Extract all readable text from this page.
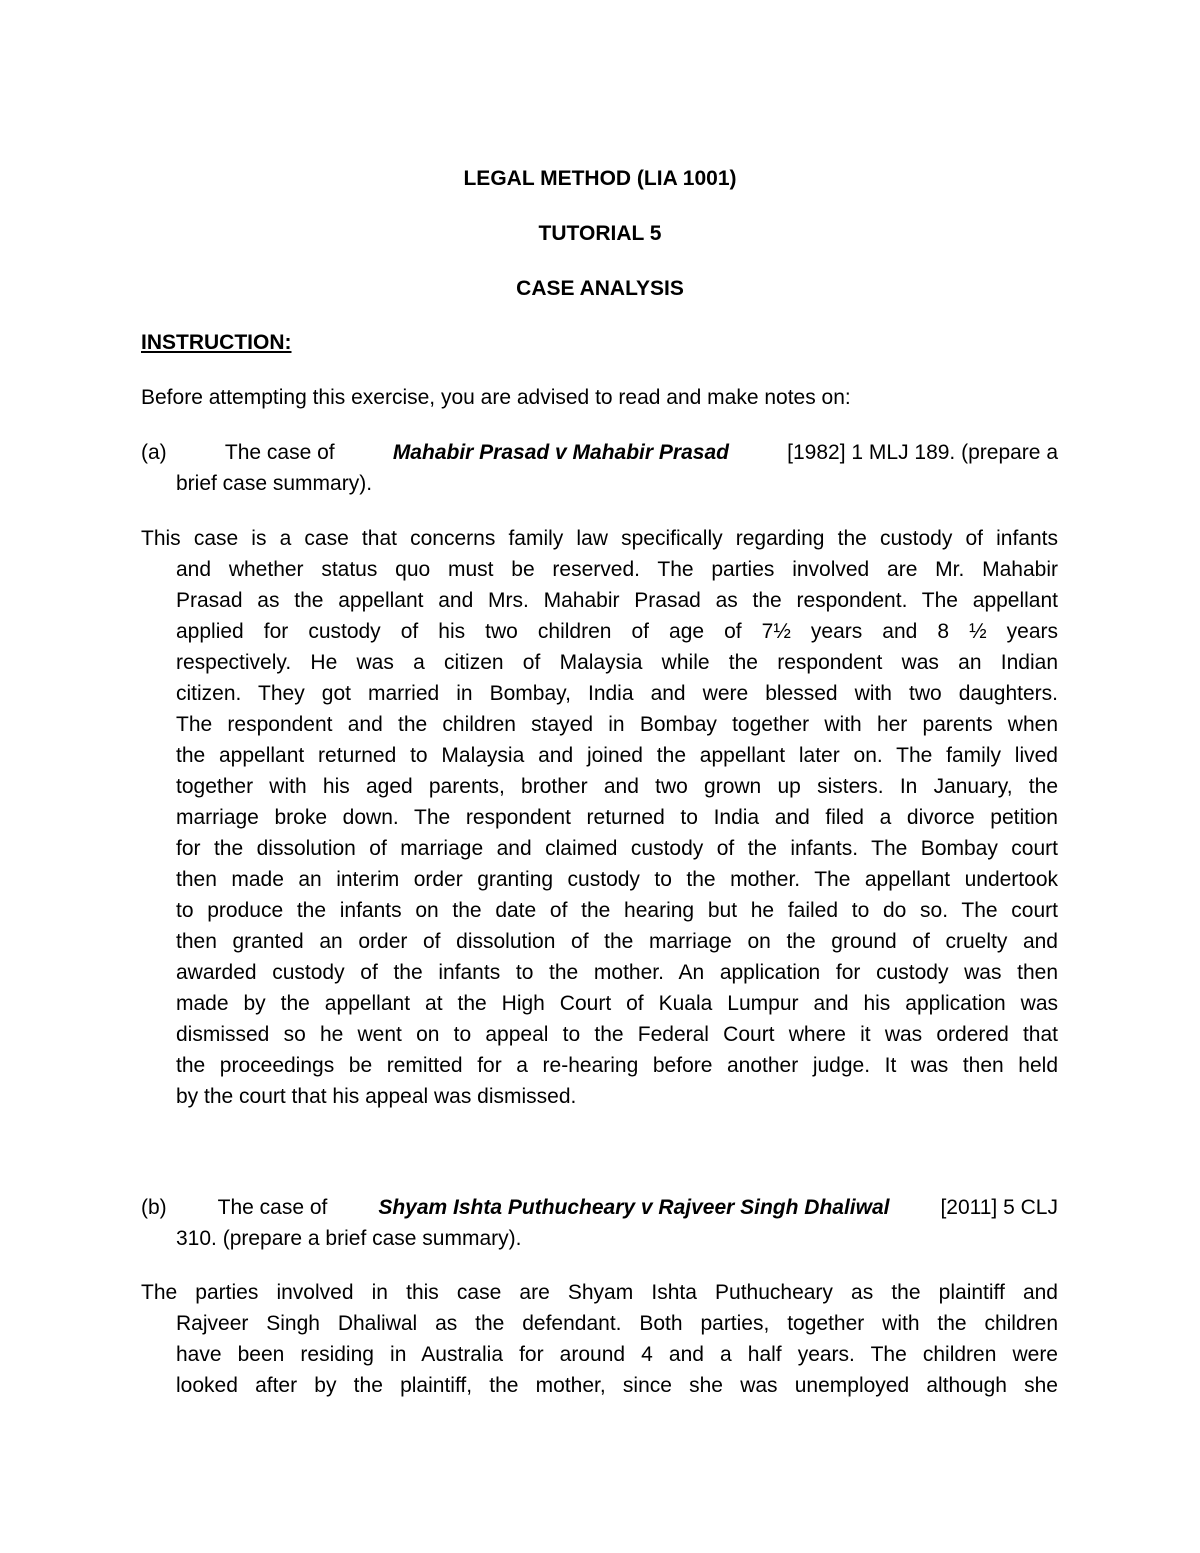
LEGAL METHOD (LIA 1001)

TUTORIAL 5

CASE ANALYSIS

INSTRUCTION:
Before attempting this exercise, you are advised to read and make notes on:
(a)	The case of	Mahabir Prasad v Mahabir Prasad	[1982] 1 MLJ 189. (prepare a
brief case summary).
This case is a case that concerns family law specifically regarding the custody of infants
and whether status quo must be reserved. The parties involved are Mr. Mahabir
Prasad as the appellant and Mrs. Mahabir Prasad as the respondent. The appellant
applied for custody of his two children of age of 7½ years and 8 ½ years
respectively. He was a citizen of Malaysia while the respondent was an Indian
citizen. They got married in Bombay, India and were blessed with two daughters.
The respondent and the children stayed in Bombay together with her parents when
the appellant returned to Malaysia and joined the appellant later on. The family lived
together with his aged parents, brother and two grown up sisters. In January, the
marriage broke down. The respondent returned to India and filed a divorce petition
for the dissolution of marriage and claimed custody of the infants. The Bombay court
then made an interim order granting custody to the mother. The appellant undertook
to produce the infants on the date of the hearing but he failed to do so. The court
then granted an order of dissolution of the marriage on the ground of cruelty and
awarded custody of the infants to the mother. An application for custody was then
made by the appellant at the High Court of Kuala Lumpur and his application was
dismissed so he went on to appeal to the Federal Court where it was ordered that
the proceedings be remitted for a re-hearing before another judge. It was then held
by the court that his appeal was dismissed.
(b) The case of Shyam Ishta Puthucheary v Rajveer Singh Dhaliwal [2011] 5 CLJ
310. (prepare a brief case summary).
The parties involved in this case are Shyam Ishta Puthucheary as the plaintiff and
Rajveer Singh Dhaliwal as the defendant. Both parties, together with the children
have been residing in Australia for around 4 and a half years. The children were
looked after by the plaintiff, the mother, since she was unemployed although she
